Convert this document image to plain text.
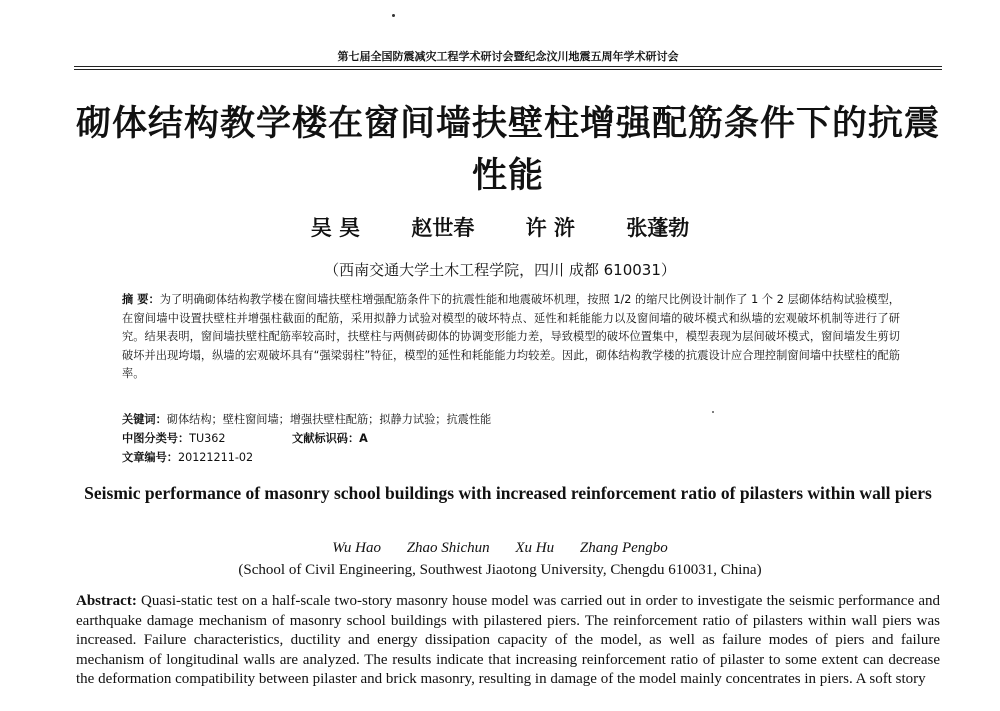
第七届全国防震减灾工程学术研讨会暨纪念汶川地震五周年学术研讨会
砌体结构教学楼在窗间墙扶壁柱增强配筋条件下的抗震性能
吴 昊 赵世春 许 浒 张蓬勃
（西南交通大学土木工程学院，四川 成都 610031）
摘 要：为了明确砌体结构教学楼在窗间墙扶壁柱增强配筋条件下的抗震性能和地震破坏机理，按照 1/2 的缩尺比例设计制作了 1 个 2 层砌体结构试验模型，在窗间墙中设置扶壁柱并增强柱截面的配筋，采用拟静力试验对模型的破坏特点、延性和耗能能力以及窗间墙的破坏模式和纵墙的宏观破坏机制等进行了研究。结果表明，窗间墙扶壁柱配筋率较高时，扶壁柱与两侧砖砌体的协调变形能力差，导致模型的破坏位置集中，模型表现为层间破坏模式，窗间墙发生剪切破坏并出现垮塌，纵墙的宏观破坏具有“强梁弱柱”特征，模型的延性和耗能能力均较差。因此，砌体结构教学楼的抗震设计应合理控制窗间墙中扶壁柱的配筋率。
关键词：砌体结构；壁柱窗间墙；增强扶壁柱配筋；拟静力试验；抗震性能
中图分类号：TU362	文献标识码：A
文章编号：20121211-02
Seismic performance of masonry school buildings with increased reinforcement ratio of pilasters within wall piers
Wu Hao Zhao Shichun Xu Hu Zhang Pengbo
(School of Civil Engineering, Southwest Jiaotong University, Chengdu 610031, China)
Abstract: Quasi-static test on a half-scale two-story masonry house model was carried out in order to investigate the seismic performance and earthquake damage mechanism of masonry school buildings with pilastered piers. The reinforcement ratio of pilasters within wall piers was increased. Failure characteristics, ductility and energy dissipation capacity of the model, as well as failure modes of piers and failure mechanism of longitudinal walls are analyzed. The results indicate that increasing reinforcement ratio of pilaster to some extent can decrease the deformation compatibility between pilaster and brick masonry, resulting in damage of the model mainly concentrates in piers. A soft story
